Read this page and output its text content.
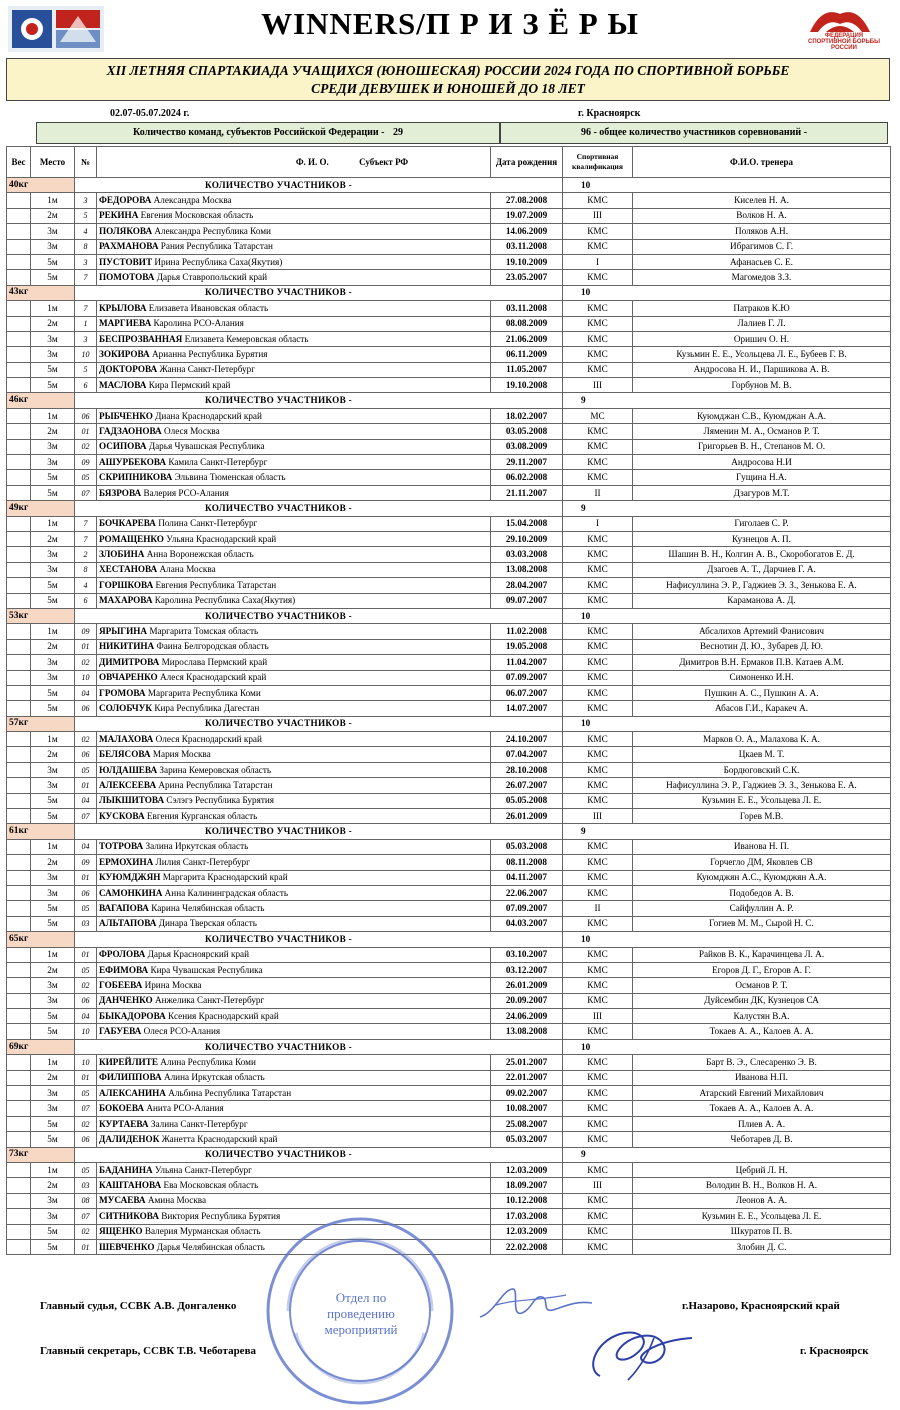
WINNERS/П Р И З Ё Р Ы	ФЕДЕРАЦИЯ СПОРТИВНОЙ БОРЬБЫ РОССИИ
XII ЛЕТНЯЯ СПАРТАКИАДА УЧАЩИХСЯ (ЮНОШЕСКАЯ) РОССИИ 2024 ГОДА ПО СПОРТИВНОЙ БОРЬБЕ
СРЕДИ ДЕВУШЕК И ЮНОШЕЙ ДО 18 ЛЕТ
02.07-05.07.2024 г.	г. Красноярск
Количество команд, субъектов Российской Федерации - 29	96 - общее количество участников соревнований -
Вес	Место	№	Ф. И. О. Субъект РФ	Дата рождения	Спортивная квалификация	Ф.И.О. тренера
40кг		КОЛИЧЕСТВО УЧАСТНИКОВ -			10	
	1м	3	ФЕДОРОВА Александра Москва	27.08.2008	КМС	Киселев Н. А.
	2м	5	РЕКИНА Евгения Московская область	19.07.2009	III	Волков Н. А.
	3м	4	ПОЛЯКОВА Александра Республика Коми	14.06.2009	КМС	Поляков А.Н.
	3м	8	РАХМАНОВА Рания Республика Татарстан	03.11.2008	КМС	Ибрагимов С. Г.
	5м	3	ПУСТОВИТ Ирина Республика Саха(Якутия)	19.10.2009	I	Афанасьев С. Е.
	5м	7	ПОМОТОВА Дарья Ставропольский край	23.05.2007	КМС	Магомедов З.З.
43кг		КОЛИЧЕСТВО УЧАСТНИКОВ -			10	
	1м	7	КРЫЛОВА Елизавета Ивановская область	03.11.2008	КМС	Патраков К.Ю
	2м	1	МАРГИЕВА Каролина РСО-Алания	08.08.2009	КМС	Лалиев Г. Л.
	3м	3	БЕСПРОЗВАННАЯ Елизавета Кемеровская область	21.06.2009	КМС	Оришич О. Н.
	3м	10	ЗОКИРОВА Арианна Республика Бурятия	06.11.2009	КМС	Кузьмин Е. Е., Усольцева Л. Е., Бубеев Г. В.
	5м	5	ДОКТОРОВА Жанна Санкт-Петербург	11.05.2007	КМС	Андросова Н. И., Паршикова А. В.
	5м	6	МАСЛОВА Кира Пермский край	19.10.2008	III	Горбунов М. В.
46кг		КОЛИЧЕСТВО УЧАСТНИКОВ -			9	
	1м	06	РЫБЧЕНКО Диана Краснодарский край	18.02.2007	МС	Куюмджан С.В., Куюмджан А.А.
	2м	01	ГАДЗАОНОВА Олеся Москва	03.05.2008	КМС	Ляменин М. А., Османов Р. Т.
	3м	02	ОСИПОВА Дарья Чувашская Республика	03.08.2009	КМС	Григорьев В. Н., Степанов М. О.
	3м	09	АШУРБЕКОВА Камила Санкт-Петербург	29.11.2007	КМС	Андросова Н.И
	5м	05	СКРИПНИКОВА Эльвина Тюменская область	06.02.2008	КМС	Гущина Н.А.
	5м	07	БЯЗРОВА Валерия РСО-Алания	21.11.2007	II	Дзагуров М.Т.
49кг		КОЛИЧЕСТВО УЧАСТНИКОВ -			9	
	1м	7	БОЧКАРЕВА Полина Санкт-Петербург	15.04.2008	I	Гиголаев С. Р.
	2м	7	РОМАЩЕНКО Ульяна Краснодарский край	29.10.2009	КМС	Кузнецов А. П.
	3м	2	ЗЛОБИНА Анна Воронежская область	03.03.2008	КМС	Шашин В. Н., Колгин А. В., Скоробогатов Е. Д.
	3м	8	ХЕСТАНОВА Алана Москва	13.08.2008	КМС	Дзагоев А. Т., Дарчиев Г. А.
	5м	4	ГОРШКОВА Евгения Республика Татарстан	28.04.2007	КМС	Нафисуллина Э. Р., Гаджиев Э. З., Зенькова Е. А.
	5м	6	МАХАРОВА Каролина Республика Саха(Якутия)	09.07.2007	КМС	Караманова А. Д.
53кг		КОЛИЧЕСТВО УЧАСТНИКОВ -			10	
	1м	09	ЯРЫГИНА Маргарита Томская область	11.02.2008	КМС	Абсалихов Артемий Фанисович
	2м	01	НИКИТИНА Фаина Белгородская область	19.05.2008	КМС	Веснотин Д. Ю., Зубарев Д. Ю.
	3м	02	ДИМИТРОВА Мирослава Пермский край	11.04.2007	КМС	Димитров В.Н. Ермаков П.В. Катаев А.М.
	3м	10	ОВЧАРЕНКО Алеся Краснодарский край	07.09.2007	КМС	Симоненко И.Н.
	5м	04	ГРОМОВА Маргарита Республика Коми	06.07.2007	КМС	Пушкин А. С., Пушкин А. А.
	5м	06	СОЛОБЧУК Кира Республика Дагестан	14.07.2007	КМС	Абасов Г.И., Каракеч А.
57кг		КОЛИЧЕСТВО УЧАСТНИКОВ -			10	
	1м	02	МАЛАХОВА Олеся Краснодарский край	24.10.2007	КМС	Марков О. А., Малахова К. А.
	2м	06	БЕЛЯСОВА Мария Москва	07.04.2007	КМС	Цкаев М. Т.
	3м	05	ЮЛДАШЕВА Зарина Кемеровская область	28.10.2008	КМС	Бордюговский С.К.
	3м	01	АЛЕКСЕЕВА Арина Республика Татарстан	26.07.2007	КМС	Нафисуллина Э. Р., Гаджиев Э. З., Зенькова Е. А.
	5м	04	ЛЫКШИТОВА Сэлэгэ Республика Бурятия	05.05.2008	КМС	Кузьмин Е. Е., Усольцева Л. Е.
	5м	07	КУСКОВА Евгения Курганская область	26.01.2009	III	Горев М.В.
61кг		КОЛИЧЕСТВО УЧАСТНИКОВ -			9	
	1м	04	ТОТРОВА Залина Иркутская область	05.03.2008	КМС	Иванова Н. П.
	2м	09	ЕРМОХИНА Лилия Санкт-Петербург	08.11.2008	КМС	Горчегло ДМ, Яковлев СВ
	3м	01	КУЮМДЖЯН Маргарита Краснодарский край	04.11.2007	КМС	Куюмджян А.С., Куюмджян А.А.
	3м	06	САМОНКИНА Анна Калининградская область	22.06.2007	КМС	Подобедов А. В.
	5м	05	ВАГАПОВА Карина Челябинская область	07.09.2007	II	Сайфуллин А. Р.
	5м	03	АЛЬТАПОВА Динара Тверская область	04.03.2007	КМС	Гогиев М. М., Сырой Н. С.
65кг		КОЛИЧЕСТВО УЧАСТНИКОВ -			10	
	1м	01	ФРОЛОВА Дарья Красноярский край	03.10.2007	КМС	Райков В. К., Карачинцева Л. А.
	2м	05	ЕФИМОВА Кира Чувашская Республика	03.12.2007	КМС	Егоров Д. Г., Егоров А. Г.
	3м	02	ГОБЕЕВА Ирина Москва	26.01.2009	КМС	Османов Р. Т.
	3м	06	ДАНЧЕНКО Анжелика Санкт-Петербург	20.09.2007	КМС	Дуйсембин ДК, Кузнецов СА
	5м	04	БЫКАДОРОВА Ксения Краснодарский край	24.06.2009	III	Калустян В.А.
	5м	10	ГАБУЕВА Олеся РСО-Алания	13.08.2008	КМС	Токаев А. А., Калоев А. А.
69кг		КОЛИЧЕСТВО УЧАСТНИКОВ -			10	
	1м	10	КИРЕЙЛИТЕ Алина Республика Коми	25.01.2007	КМС	Барт В. Э., Слесаренко Э. В.
	2м	01	ФИЛИППОВА Алина Иркутская область	22.01.2007	КМС	Иванова Н.П.
	3м	05	АЛЕКСАНИНА Альбина Республика Татарстан	09.02.2007	КМС	Атарский Евгений Михайлович
	3м	07	БОКОЕВА Анита РСО-Алания	10.08.2007	КМС	Токаев А. А., Калоев А. А.
	5м	02	КУРТАЕВА Залина Санкт-Петербург	25.08.2007	КМС	Плиев А. А.
	5м	06	ДАЛИДЕНОК Жанетта Краснодарский край	05.03.2007	КМС	Чеботарев Д. В.
73кг		КОЛИЧЕСТВО УЧАСТНИКОВ -			9	
	1м	05	БАДАНИНА Ульяна Санкт-Петербург	12.03.2009	КМС	Цебрий Л. Н.
	2м	03	КАШТАНОВА Ева Московская область	18.09.2007	III	Володин В. Н., Волков Н. А.
	3м	08	МУСАЕВА Амина Москва	10.12.2008	КМС	Леонов А. А.
	3м	07	СИТНИКОВА Виктория Республика Бурятия	17.03.2008	КМС	Кузьмин Е. Е., Усольцева Л. Е.
	5м	02	ЯЩЕНКО Валерия Мурманская область	12.03.2009	КМС	Шкуратов П. В.
	5м	01	ШЕВЧЕНКО Дарья Челябинская область	22.02.2008	КМС	Злобин Д. С.
Отдел по проведению мероприятий
Главный судья, ССВК А.В. Донгаленко	г.Назарово, Красноярский край
Главный секретарь, ССВК Т.В. Чеботарева	г. Красноярск
